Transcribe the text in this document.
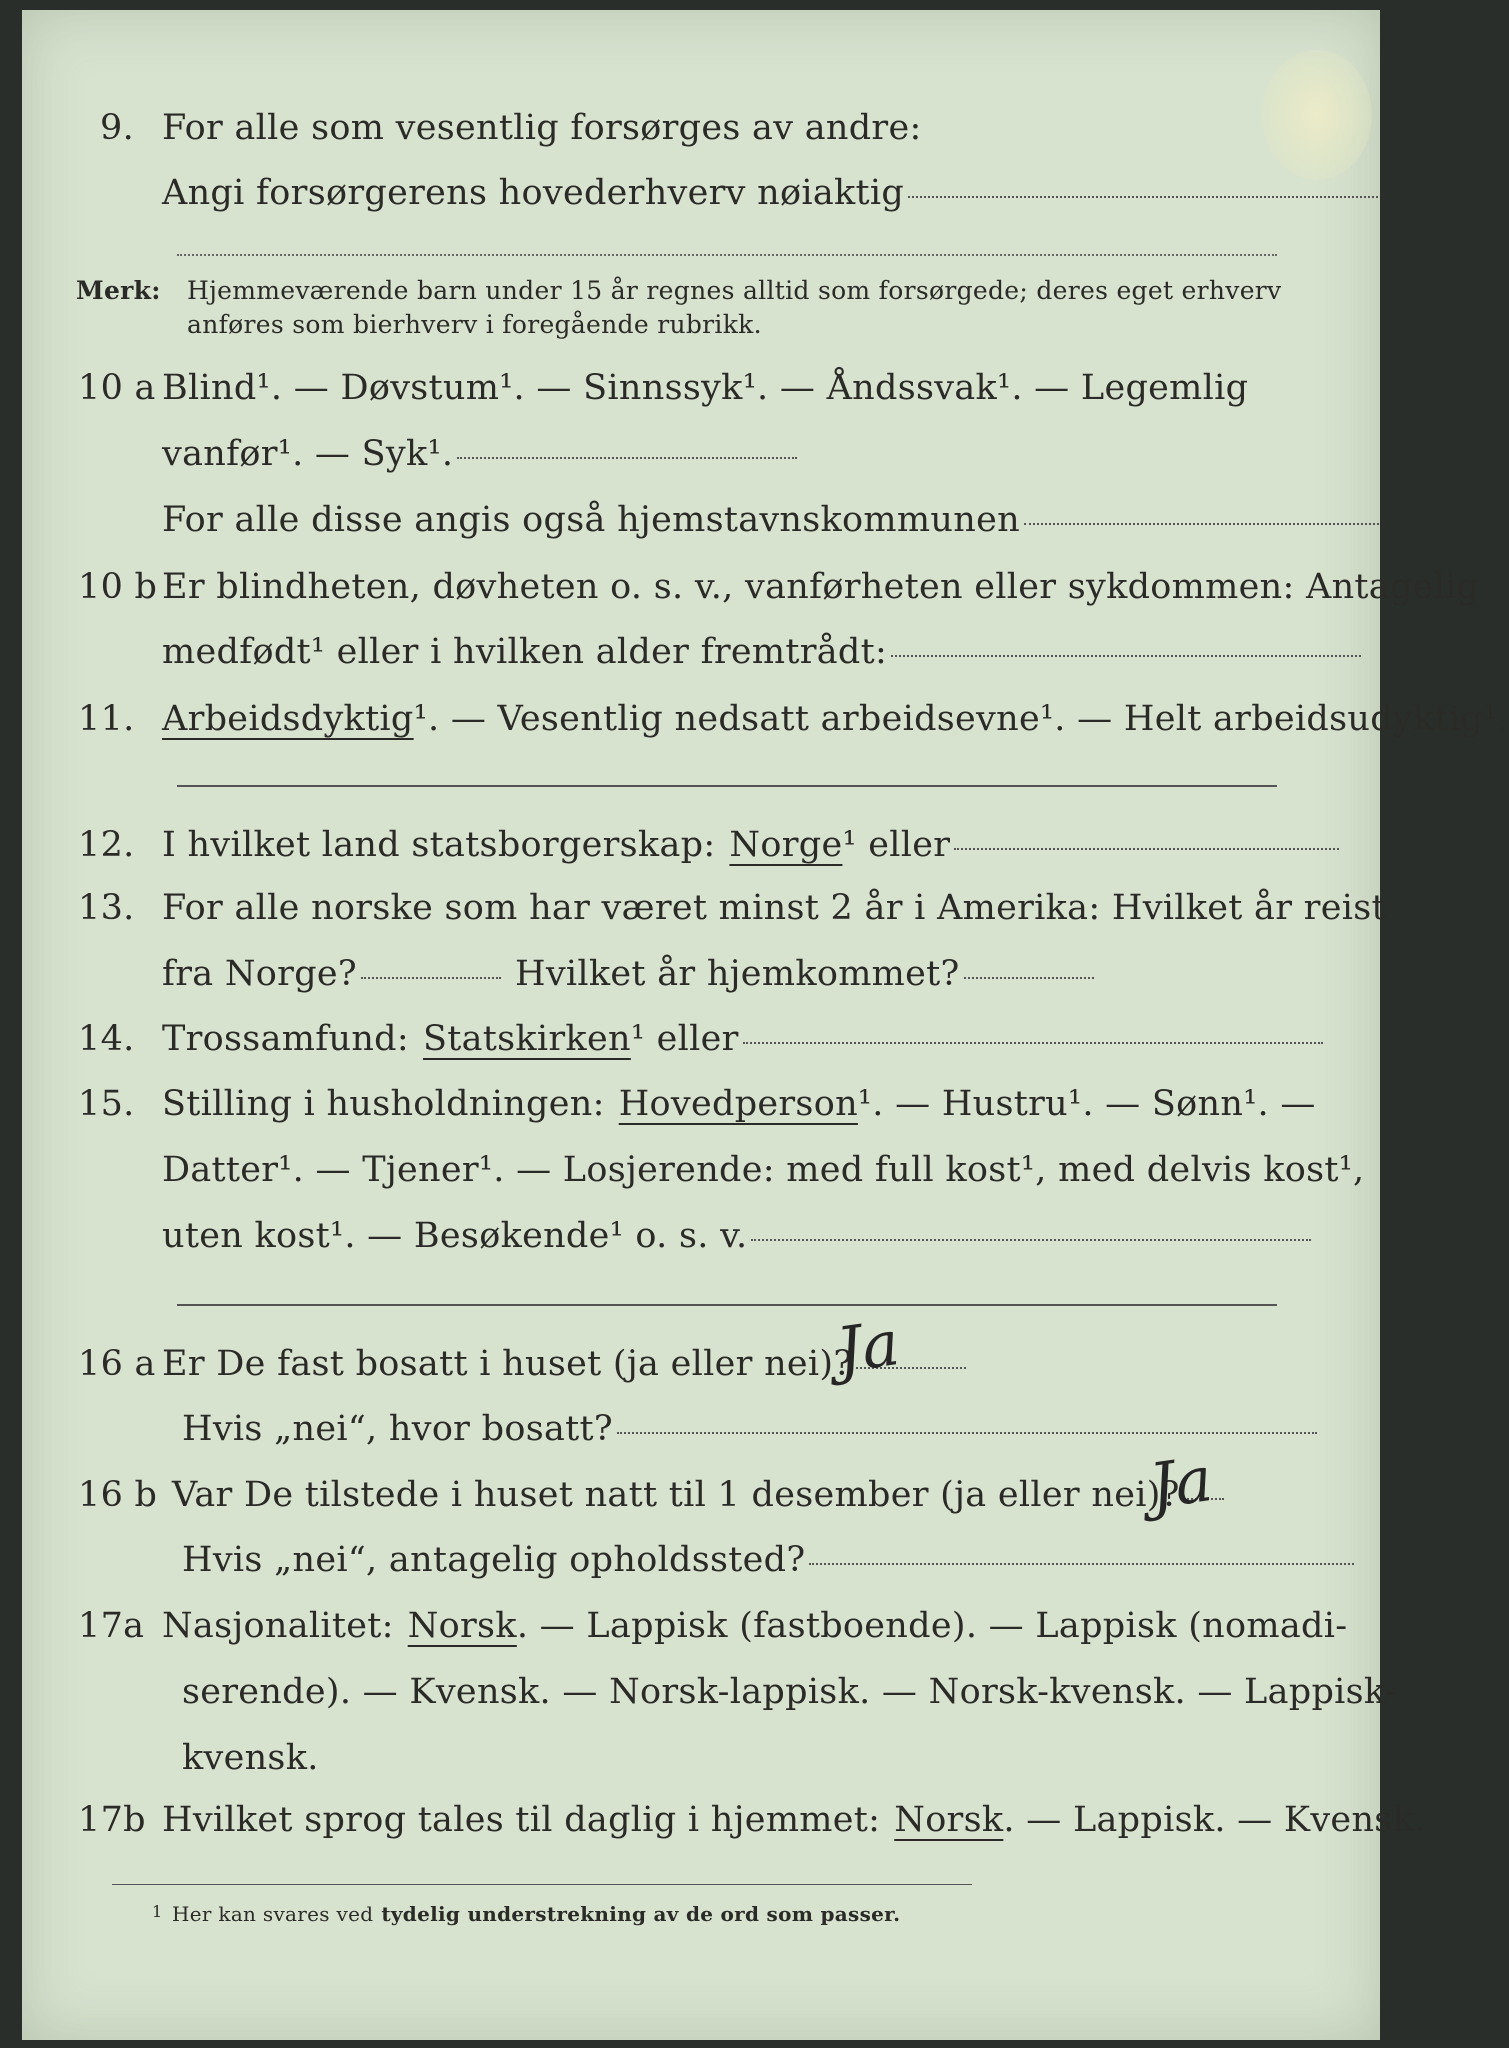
9. For alle som vesentlig forsørges av andre:
Angi forsørgerens hovederhverv nøiaktig
Merk: Hjemmeværende barn under 15 år regnes alltid som forsørgede; deres eget erhverv
anføres som bierhverv i foregående rubrikk.
10 a Blind¹. — Døvstum¹. — Sinnssyk¹. — Åndssvak¹. — Legemlig
vanfør¹. — Syk¹.
For alle disse angis også hjemstavnskommunen
10 b Er blindheten, døvheten o. s. v., vanførheten eller sykdommen: Antagelig
medfødt¹ eller i hvilken alder fremtrådt:
11. Arbeidsdyktig ¹. — Vesentlig nedsatt arbeidsevne¹. — Helt arbeidsudyktig¹.
12. I hvilket land statsborgerskap: Norge ¹ eller
13. For alle norske som har været minst 2 år i Amerika: Hvilket år reist
fra Norge?	Hvilket år hjemkommet?
14. Trossamfund: Statskirken ¹ eller
15. Stilling i husholdningen: Hovedperson ¹. — Hustru¹. — Sønn¹. —
Datter¹. — Tjener¹. — Losjerende: med full kost¹, med delvis kost¹,
uten kost¹. — Besøkende¹ o. s. v.
16 a Er De fast bosatt i huset (ja eller nei)?
Ja
Hvis „nei“, hvor bosatt?
16 b Var De tilstede i huset natt til 1 desember (ja eller nei)?
Ja
Hvis „nei“, antagelig opholdssted?
17a Nasjonalitet: Norsk . — Lappisk (fastboende). — Lappisk (nomadi-
serende). — Kvensk. — Norsk-lappisk. — Norsk-kvensk. — Lappisk-
kvensk.
17b Hvilket sprog tales til daglig i hjemmet: Norsk . — Lappisk. — Kvensk.
1 Her kan svares ved tydelig understrekning av de ord som passer.
